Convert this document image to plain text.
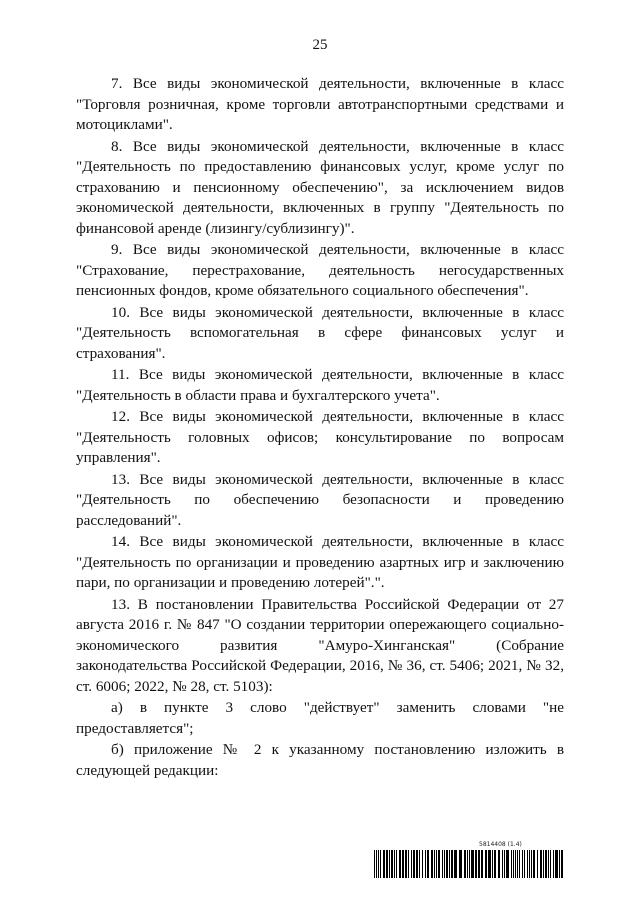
25

7. Все виды экономической деятельности, включенные в класс "Торговля розничная, кроме торговли автотранспортными средствами и мотоциклами".

8. Все виды экономической деятельности, включенные в класс "Деятельность по предоставлению финансовых услуг, кроме услуг по страхованию и пенсионному обеспечению", за исключением видов экономической деятельности, включенных в группу "Деятельность по финансовой аренде (лизингу/сублизингу)".

9. Все виды экономической деятельности, включенные в класс "Страхование, перестрахование, деятельность негосударственных пенсионных фондов, кроме обязательного социального обеспечения".

10. Все виды экономической деятельности, включенные в класс "Деятельность вспомогательная в сфере финансовых услуг и страхования".

11. Все виды экономической деятельности, включенные в класс "Деятельность в области права и бухгалтерского учета".

12. Все виды экономической деятельности, включенные в класс "Деятельность головных офисов; консультирование по вопросам управления".

13. Все виды экономической деятельности, включенные в класс "Деятельность по обеспечению безопасности и проведению расследований".

14. Все виды экономической деятельности, включенные в класс "Деятельность по организации и проведению азартных игр и заключению пари, по организации и проведению лотерей".".

13. В постановлении Правительства Российской Федерации от 27 августа 2016 г. № 847 "О создании территории опережающего социально-экономического развития "Амуро-Хинганская" (Собрание законодательства Российской Федерации, 2016, № 36, ст. 5406; 2021, № 32, ст. 6006; 2022, № 28, ст. 5103):

а) в пункте 3 слово "действует" заменить словами "не предоставляется";

б) приложение № 2 к указанному постановлению изложить в следующей редакции:

5814408 (1.4)
